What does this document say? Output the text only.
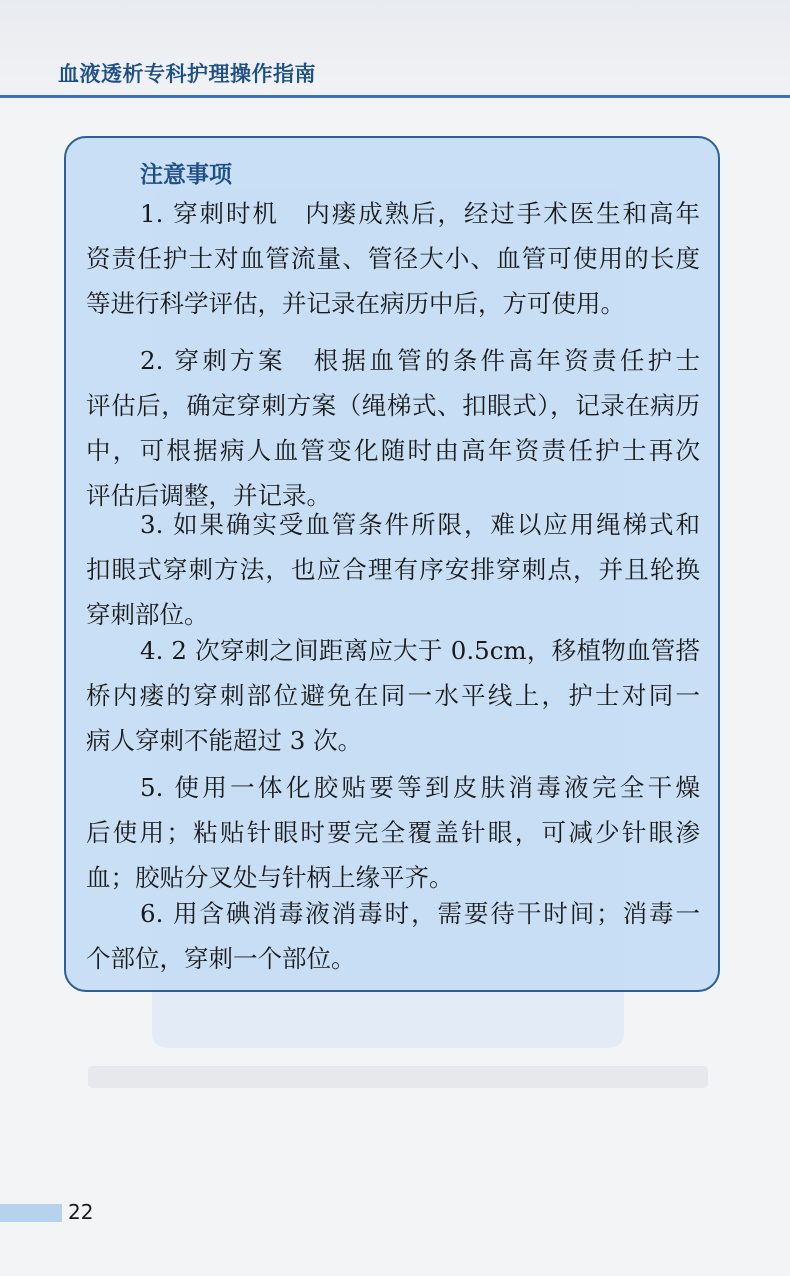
血液透析专科护理操作指南
注意事项
1. 穿刺时机　内瘘成熟后，经过手术医生和高年
资责任护士对血管流量、管径大小、血管可使用的长度
等进行科学评估，并记录在病历中后，方可使用。
2. 穿刺方案　根据血管的条件高年资责任护士
评估后，确定穿刺方案（绳梯式、扣眼式），记录在病历
中，可根据病人血管变化随时由高年资责任护士再次
评估后调整，并记录。
3. 如果确实受血管条件所限，难以应用绳梯式和
扣眼式穿刺方法，也应合理有序安排穿刺点，并且轮换
穿刺部位。
4. 2 次穿刺之间距离应大于 0.5cm，移植物血管搭
桥内瘘的穿刺部位避免在同一水平线上，护士对同一
病人穿刺不能超过 3 次。
5. 使用一体化胶贴要等到皮肤消毒液完全干燥
后使用；粘贴针眼时要完全覆盖针眼，可减少针眼渗
血；胶贴分叉处与针柄上缘平齐。
6. 用含碘消毒液消毒时，需要待干时间；消毒一
个部位，穿刺一个部位。
22
